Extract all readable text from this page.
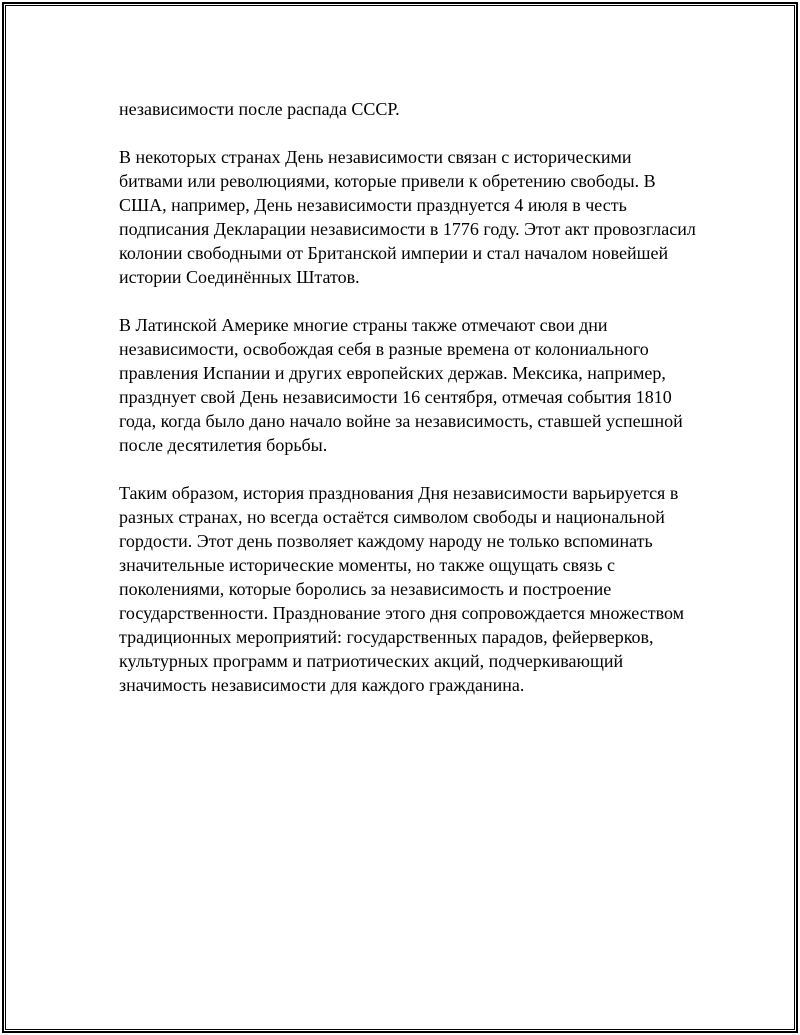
независимости после распада СССР.

В некоторых странах День независимости связан с историческими битвами или революциями, которые привели к обретению свободы. В США, например, День независимости празднуется 4 июля в честь подписания Декларации независимости в 1776 году. Этот акт провозгласил колонии свободными от Британской империи и стал началом новейшей истории Соединённых Штатов.

В Латинской Америке многие страны также отмечают свои дни независимости, освобождая себя в разные времена от колониального правления Испании и других европейских держав. Мексика, например, празднует свой День независимости 16 сентября, отмечая события 1810 года, когда было дано начало войне за независимость, ставшей успешной после десятилетия борьбы.

Таким образом, история празднования Дня независимости варьируется в разных странах, но всегда остаётся символом свободы и национальной гордости. Этот день позволяет каждому народу не только вспоминать значительные исторические моменты, но также ощущать связь с поколениями, которые боролись за независимость и построение государственности. Празднование этого дня сопровождается множеством традиционных мероприятий: государственных парадов, фейерверков, культурных программ и патриотических акций, подчеркивающий значимость независимости для каждого гражданина.
